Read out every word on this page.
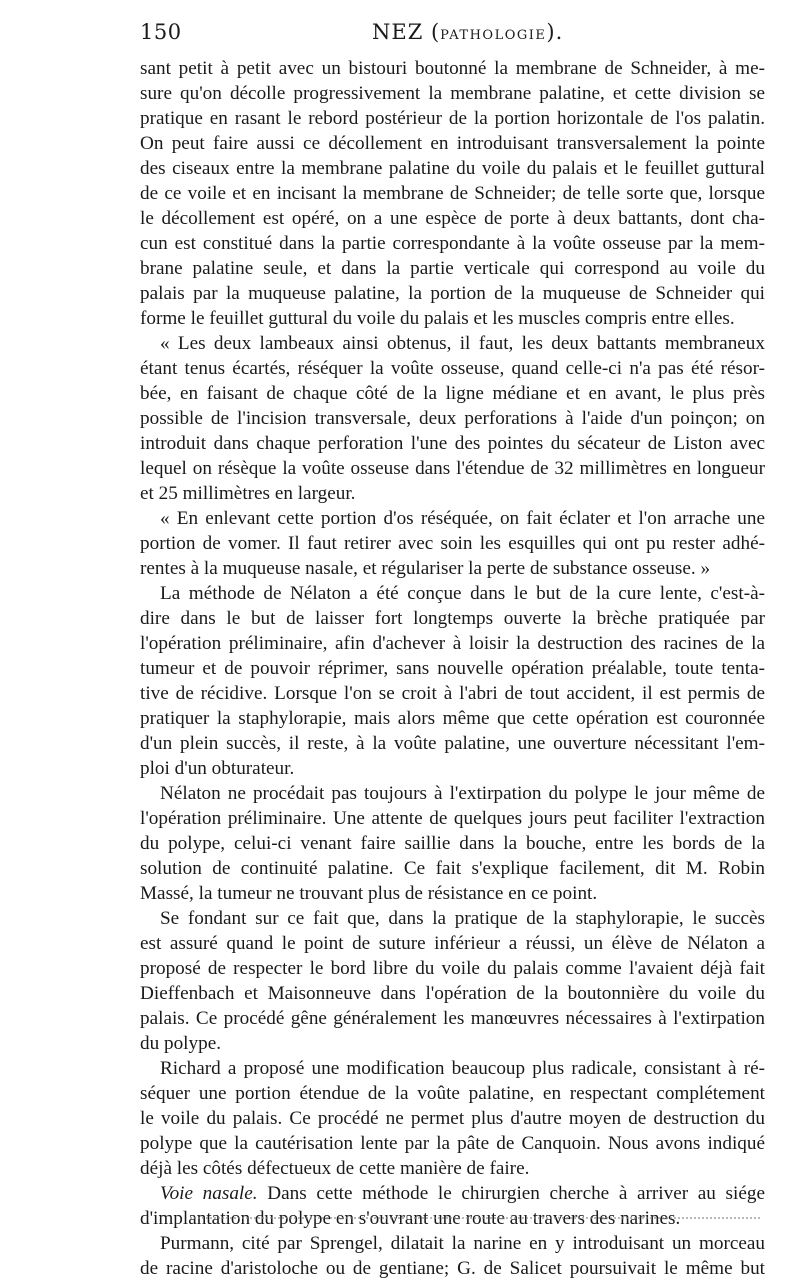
150	NEZ (PATHOLOGIE).

sant petit à petit avec un bistouri boutonné la membrane de Schneider, à me-

sure qu'on décolle progressivement la membrane palatine, et cette division se

pratique en rasant le rebord postérieur de la portion horizontale de l'os palatin.

On peut faire aussi ce décollement en introduisant transversalement la pointe

des ciseaux entre la membrane palatine du voile du palais et le feuillet guttural

de ce voile et en incisant la membrane de Schneider; de telle sorte que, lorsque

le décollement est opéré, on a une espèce de porte à deux battants, dont cha-

cun est constitué dans la partie correspondante à la voûte osseuse par la mem-

brane palatine seule, et dans la partie verticale qui correspond au voile du

palais par la muqueuse palatine, la portion de la muqueuse de Schneider qui

forme le feuillet guttural du voile du palais et les muscles compris entre elles.

« Les deux lambeaux ainsi obtenus, il faut, les deux battants membraneux

étant tenus écartés, réséquer la voûte osseuse, quand celle-ci n'a pas été résor-

bée, en faisant de chaque côté de la ligne médiane et en avant, le plus près

possible de l'incision transversale, deux perforations à l'aide d'un poinçon; on

introduit dans chaque perforation l'une des pointes du sécateur de Liston avec

lequel on résèque la voûte osseuse dans l'étendue de 32 millimètres en longueur

et 25 millimètres en largeur.

« En enlevant cette portion d'os réséquée, on fait éclater et l'on arrache une

portion de vomer. Il faut retirer avec soin les esquilles qui ont pu rester adhé-

rentes à la muqueuse nasale, et régulariser la perte de substance osseuse. »

La méthode de Nélaton a été conçue dans le but de la cure lente, c'est-à-

dire dans le but de laisser fort longtemps ouverte la brèche pratiquée par

l'opération préliminaire, afin d'achever à loisir la destruction des racines de la

tumeur et de pouvoir réprimer, sans nouvelle opération préalable, toute tenta-

tive de récidive. Lorsque l'on se croit à l'abri de tout accident, il est permis de

pratiquer la staphylorapie, mais alors même que cette opération est couronnée

d'un plein succès, il reste, à la voûte palatine, une ouverture nécessitant l'em-

ploi d'un obturateur.

Nélaton ne procédait pas toujours à l'extirpation du polype le jour même de

l'opération préliminaire. Une attente de quelques jours peut faciliter l'extraction

du polype, celui-ci venant faire saillie dans la bouche, entre les bords de la

solution de continuité palatine. Ce fait s'explique facilement, dit M. Robin

Massé, la tumeur ne trouvant plus de résistance en ce point.

Se fondant sur ce fait que, dans la pratique de la staphylorapie, le succès

est assuré quand le point de suture inférieur a réussi, un élève de Nélaton a

proposé de respecter le bord libre du voile du palais comme l'avaient déjà fait

Dieffenbach et Maisonneuve dans l'opération de la boutonnière du voile du

palais. Ce procédé gêne généralement les manœuvres nécessaires à l'extirpation

du polype.

Richard a proposé une modification beaucoup plus radicale, consistant à ré-

séquer une portion étendue de la voûte palatine, en respectant complétement

le voile du palais. Ce procédé ne permet plus d'autre moyen de destruction du

polype que la cautérisation lente par la pâte de Canquoin. Nous avons indiqué

déjà les côtés défectueux de cette manière de faire.

Voie nasale. Dans cette méthode le chirurgien cherche à arriver au siége

d'implantation du polype en s'ouvrant une route au travers des narines.

Purmann, cité par Sprengel, dilatait la narine en y introduisant un morceau

de racine d'aristoloche ou de gentiane; G. de Salicet poursuivait le même but
